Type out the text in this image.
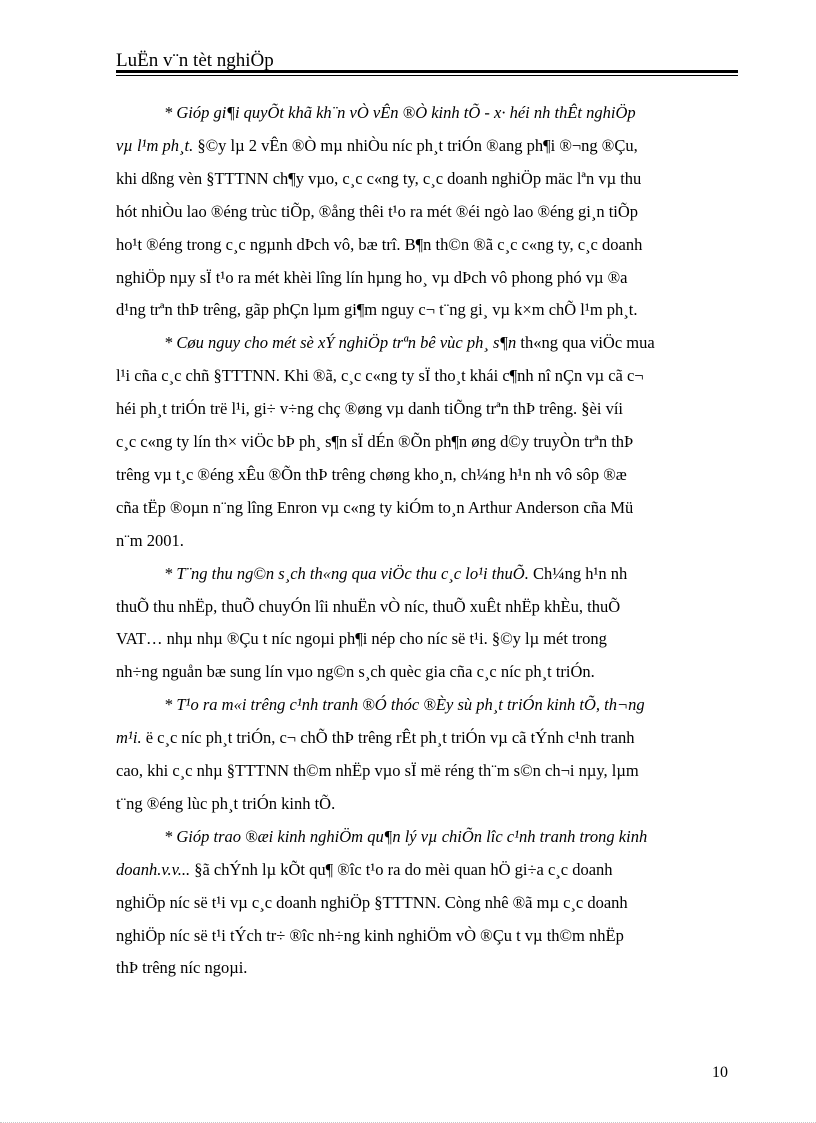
LuËn v¨n tèt nghiÖp
* Gióp gi¶i quyÕt khã kh¨n vÒ vÊn ®Ò kinh tÕ - x· héi nh thÊt nghiÖp
vµ l¹m ph¸t. §©y lµ 2 vÊn ®Ò mµ nhiÒu níc ph¸t triÓn ®ang ph¶i ®¬ng ®Çu,
khi dßng vèn §TTTNN ch¶y vµo, c¸c c«ng ty, c¸c doanh nghiÖp mäc lªn vµ thu
hót nhiÒu lao ®éng trùc tiÕp, ®ång thêi t¹o ra mét ®éi ngò lao ®éng gi¸n tiÕp
ho¹t ®éng trong c¸c ngµnh dÞch vô, bæ trî. B¶n th©n ®ã c¸c c«ng ty, c¸c doanh
nghiÖp nµy sÏ t¹o ra mét khèi lîng lín hµng ho¸ vµ dÞch vô phong phó vµ ®a
d¹ng trªn thÞ trêng, gãp phÇn lµm gi¶m nguy c¬ t¨ng gi¸ vµ k×m chÕ l¹m ph¸t.
* Cøu nguy cho mét sè xÝ nghiÖp trªn bê vùc ph¸ s¶n th«ng qua viÖc mua
l¹i cña c¸c chñ §TTTNN. Khi ®ã, c¸c c«ng ty sÏ tho¸t khái c¶nh nî nÇn vµ cã c¬
héi ph¸t triÓn trë l¹i, gi÷ v÷ng chç ®øng vµ danh tiÕng trªn thÞ trêng. §èi víi
c¸c c«ng ty lín th× viÖc bÞ ph¸ s¶n sÏ dÉn ®Õn ph¶n øng d©y truyÒn trªn thÞ
trêng vµ t¸c ®éng xÊu ®Õn thÞ trêng chøng kho¸n, ch¼ng h¹n nh vô sôp ®æ
cña tËp ®oµn n¨ng lîng Enron vµ c«ng ty kiÓm to¸n Arthur Anderson cña Mü
n¨m 2001.
* T¨ng thu ng©n s¸ch th«ng qua viÖc thu c¸c lo¹i thuÕ. Ch¼ng h¹n nh
thuÕ thu nhËp, thuÕ chuyÓn lîi nhuËn vÒ níc, thuÕ xuÊt nhËp khÈu, thuÕ
VAT… nhµ nhµ ®Çu t níc ngoµi ph¶i nép cho níc së t¹i. §©y lµ mét trong
nh÷ng nguån bæ sung lín vµo ng©n s¸ch quèc gia cña c¸c níc ph¸t triÓn.
* T¹o ra m«i trêng c¹nh tranh ®Ó thóc ®Èy sù ph¸t triÓn kinh tÕ, th¬ng
m¹i. ë c¸c níc ph¸t triÓn, c¬ chÕ thÞ trêng rÊt ph¸t triÓn vµ cã tÝnh c¹nh tranh
cao, khi c¸c nhµ §TTTNN th©m nhËp vµo sÏ më réng th¨m s©n ch¬i nµy, lµm
t¨ng ®éng lùc ph¸t triÓn kinh tÕ.
* Gióp trao ®æi kinh nghiÖm qu¶n lý vµ chiÕn lîc c¹nh tranh trong kinh
doanh.v.v... §ã chÝnh lµ kÕt qu¶ ®îc t¹o ra do mèi quan hÖ gi÷a c¸c doanh
nghiÖp níc së t¹i vµ c¸c doanh nghiÖp §TTTNN. Còng nhê ®ã mµ c¸c doanh
nghiÖp níc së t¹i tÝch tr÷ ®îc nh÷ng kinh nghiÖm vÒ ®Çu t vµ th©m nhËp
thÞ trêng níc ngoµi.
10
